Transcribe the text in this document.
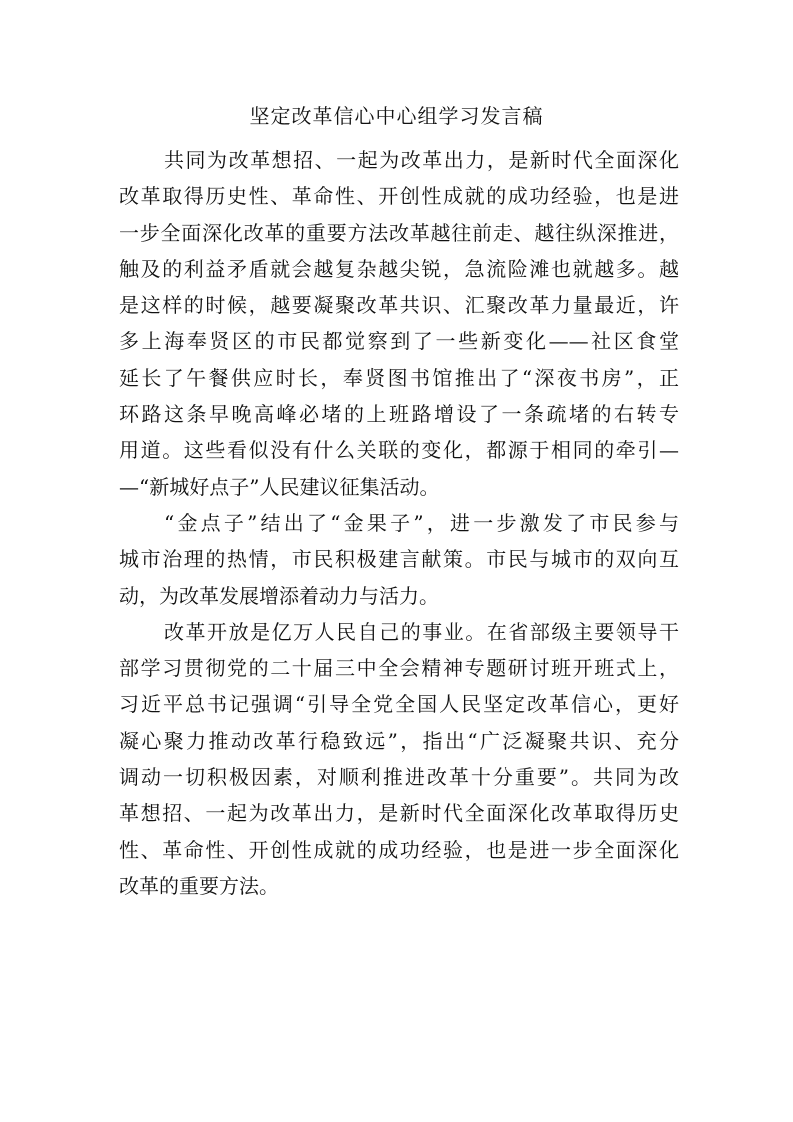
坚定改革信心中心组学习发言稿
共同为改革想招、一起为改革出力，是新时代全面深化
改革取得历史性、革命性、开创性成就的成功经验，也是进
一步全面深化改革的重要方法改革越往前走、越往纵深推进，
触及的利益矛盾就会越复杂越尖锐，急流险滩也就越多。越
是这样的时候，越要凝聚改革共识、汇聚改革力量最近，许
多上海奉贤区的市民都觉察到了一些新变化——社区食堂
延长了午餐供应时长，奉贤图书馆推出了“深夜书房”，正
环路这条早晚高峰必堵的上班路增设了一条疏堵的右转专
用道。这些看似没有什么关联的变化，都源于相同的牵引—
—“新城好点子”人民建议征集活动。
“金点子”结出了“金果子”，进一步激发了市民参与
城市治理的热情，市民积极建言献策。市民与城市的双向互
动，为改革发展增添着动力与活力。
改革开放是亿万人民自己的事业。在省部级主要领导干
部学习贯彻党的二十届三中全会精神专题研讨班开班式上，
习近平总书记强调“引导全党全国人民坚定改革信心，更好
凝心聚力推动改革行稳致远”，指出“广泛凝聚共识、充分
调动一切积极因素，对顺利推进改革十分重要”。共同为改
革想招、一起为改革出力，是新时代全面深化改革取得历史
性、革命性、开创性成就的成功经验，也是进一步全面深化
改革的重要方法。
